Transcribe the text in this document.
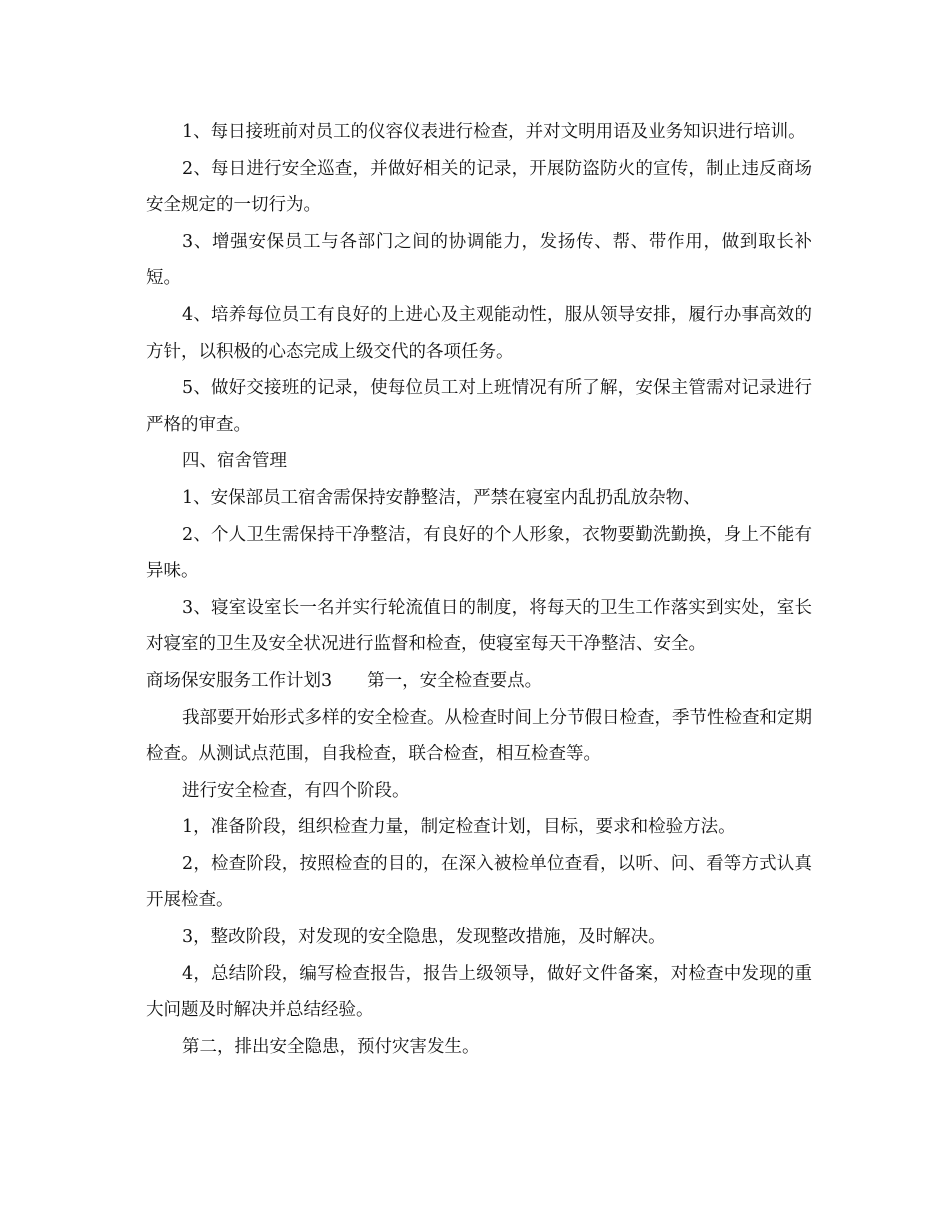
1、每日接班前对员工的仪容仪表进行检查，并对文明用语及业务知识进行培训。

2、每日进行安全巡查，并做好相关的记录，开展防盗防火的宣传，制止违反商场安全规定的一切行为。

3、增强安保员工与各部门之间的协调能力，发扬传、帮、带作用，做到取长补短。

4、培养每位员工有良好的上进心及主观能动性，服从领导安排，履行办事高效的方针，以积极的心态完成上级交代的各项任务。

5、做好交接班的记录，使每位员工对上班情况有所了解，安保主管需对记录进行严格的审查。

四、宿舍管理

1、安保部员工宿舍需保持安静整洁，严禁在寝室内乱扔乱放杂物、

2、个人卫生需保持干净整洁，有良好的个人形象，衣物要勤洗勤换，身上不能有异味。

3、寝室设室长一名并实行轮流值日的制度，将每天的卫生工作落实到实处，室长对寝室的卫生及安全状况进行监督和检查，使寝室每天干净整洁、安全。

商场保安服务工作计划3　　第一，安全检查要点。

我部要开始形式多样的安全检查。从检查时间上分节假日检查，季节性检查和定期检查。从测试点范围，自我检查，联合检查，相互检查等。

进行安全检查，有四个阶段。

1，准备阶段，组织检查力量，制定检查计划，目标，要求和检验方法。

2，检查阶段，按照检查的目的，在深入被检单位查看，以听、问、看等方式认真开展检查。

3，整改阶段，对发现的安全隐患，发现整改措施，及时解决。

4，总结阶段，编写检查报告，报告上级领导，做好文件备案，对检查中发现的重大问题及时解决并总结经验。

第二，排出安全隐患，预付灾害发生。
